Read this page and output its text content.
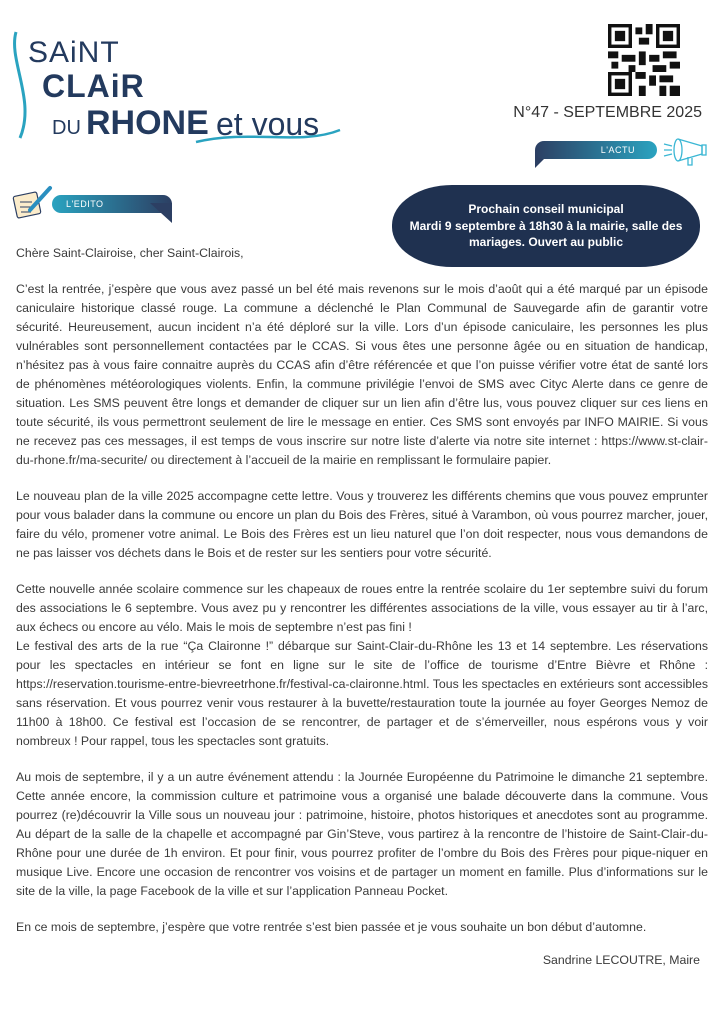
SAiNT
CLAiR
DU RHONE et vous	N°47 - SEPTEMBRE 2025
L'EDITO
L'ACTU
Prochain conseil municipal
Mardi 9 septembre à 18h30 à la mairie, salle des
mariages. Ouvert au public
Chère Saint-Clairoise, cher Saint-Clairois,

C’est la rentrée, j’espère que vous avez passé un bel été mais revenons sur le mois d’août qui a été marqué par un épisode caniculaire historique classé rouge. La commune a déclenché le Plan Communal de Sauvegarde afin de garantir votre sécurité. Heureusement, aucun incident n’a été déploré sur la ville. Lors d’un épisode caniculaire, les personnes les plus vulnérables sont personnellement contactées par le CCAS. Si vous êtes une personne âgée ou en situation de handicap, n’hésitez pas à vous faire connaitre auprès du CCAS afin d’être référencée et que l’on puisse vérifier votre état de santé lors de phénomènes météorologiques violents. Enfin, la commune privilégie l’envoi de SMS avec Cityc Alerte dans ce genre de situation. Les SMS peuvent être longs et demander de cliquer sur un lien afin d’être lus, vous pouvez cliquer sur ces liens en toute sécurité, ils vous permettront seulement de lire le message en entier. Ces SMS sont envoyés par INFO MAIRIE. Si vous ne recevez pas ces messages, il est temps de vous inscrire sur notre liste d’alerte via notre site internet : https://www.st-clair-du-rhone.fr/ma-securite/ ou directement à l’accueil de la mairie en remplissant le formulaire papier.

Le nouveau plan de la ville 2025 accompagne cette lettre. Vous y trouverez les différents chemins que vous pouvez emprunter pour vous balader dans la commune ou encore un plan du Bois des Frères, situé à Varambon, où vous pourrez marcher, jouer, faire du vélo, promener votre animal. Le Bois des Frères est un lieu naturel que l’on doit respecter, nous vous demandons de ne pas laisser vos déchets dans le Bois et de rester sur les sentiers pour votre sécurité.

Cette nouvelle année scolaire commence sur les chapeaux de roues entre la rentrée scolaire du 1er septembre suivi du forum des associations le 6 septembre. Vous avez pu y rencontrer les différentes associations de la ville, vous essayer au tir à l’arc, aux échecs ou encore au vélo. Mais le mois de septembre n’est pas fini !

Le festival des arts de la rue “Ça Claironne !” débarque sur Saint-Clair-du-Rhône les 13 et 14 septembre. Les réservations pour les spectacles en intérieur se font en ligne sur le site de l’office de tourisme d’Entre Bièvre et Rhône : https://reservation.tourisme-entre-bievreetrhone.fr/festival-ca-claironne.html. Tous les spectacles en extérieurs sont accessibles sans réservation. Et vous pourrez venir vous restaurer à la buvette/restauration toute la journée au foyer Georges Nemoz de 11h00 à 18h00. Ce festival est l’occasion de se rencontrer, de partager et de s’émerveiller, nous espérons vous y voir nombreux ! Pour rappel, tous les spectacles sont gratuits.

Au mois de septembre, il y a un autre événement attendu : la Journée Européenne du Patrimoine le dimanche 21 septembre. Cette année encore, la commission culture et patrimoine vous a organisé une balade découverte dans la commune. Vous pourrez (re)découvrir la Ville sous un nouveau jour : patrimoine, histoire, photos historiques et anecdotes sont au programme. Au départ de la salle de la chapelle et accompagné par Gin’Steve, vous partirez à la rencontre de l’histoire de Saint-Clair-du-Rhône pour une durée de 1h environ. Et pour finir, vous pourrez profiter de l’ombre du Bois des Frères pour pique-niquer en musique Live. Encore une occasion de rencontrer vos voisins et de partager un moment en famille. Plus d’informations sur le site de la ville, la page Facebook de la ville et sur l’application Panneau Pocket.

En ce mois de septembre, j’espère que votre rentrée s’est bien passée et je vous souhaite un bon début d’automne.

Sandrine LECOUTRE, Maire
